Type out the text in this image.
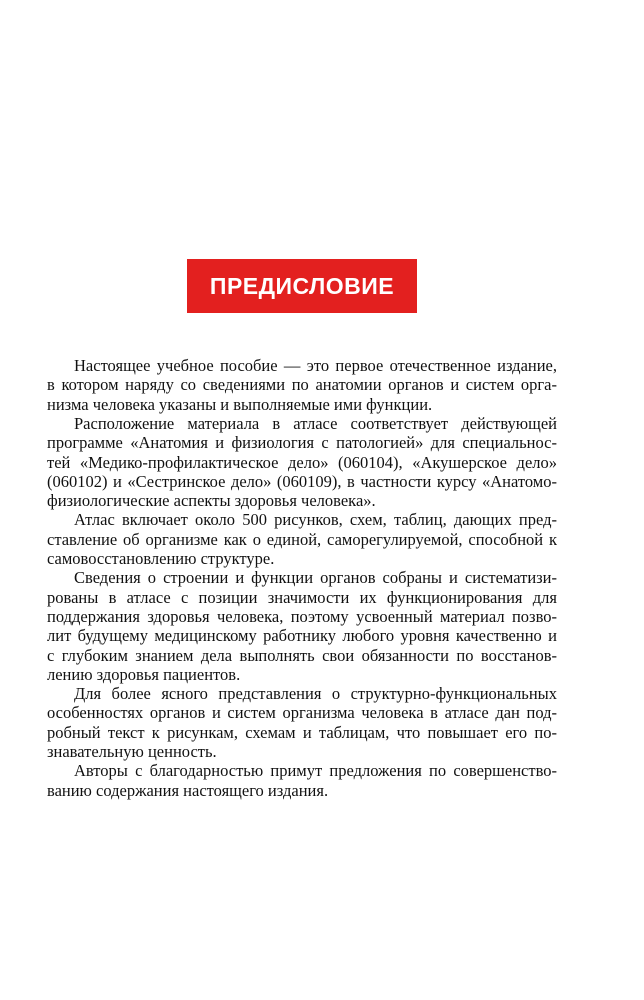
ПРЕДИСЛОВИЕ
Настоящее учебное пособие — это первое отечественное издание,
в котором наряду со сведениями по анатомии органов и систем орга-
низма человека указаны и выполняемые ими функции.
Расположение материала в атласе соответствует действующей
программе «Анатомия и физиология с патологией» для специальнос-
тей «Медико-профилактическое дело» (060104), «Акушерское дело»
(060102) и «Сестринское дело» (060109), в частности курсу «Анатомо-
физиологические аспекты здоровья человека».
Атлас включает около 500 рисунков, схем, таблиц, дающих пред-
ставление об организме как о единой, саморегулируемой, способной к
самовосстановлению структуре.
Сведения о строении и функции органов собраны и систематизи-
рованы в атласе с позиции значимости их функционирования для
поддержания здоровья человека, поэтому усвоенный материал позво-
лит будущему медицинскому работнику любого уровня качественно и
с глубоким знанием дела выполнять свои обязанности по восстанов-
лению здоровья пациентов.
Для более ясного представления о структурно-функциональных
особенностях органов и систем организма человека в атласе дан под-
робный текст к рисункам, схемам и таблицам, что повышает его по-
знавательную ценность.
Авторы с благодарностью примут предложения по совершенство-
ванию содержания настоящего издания.
